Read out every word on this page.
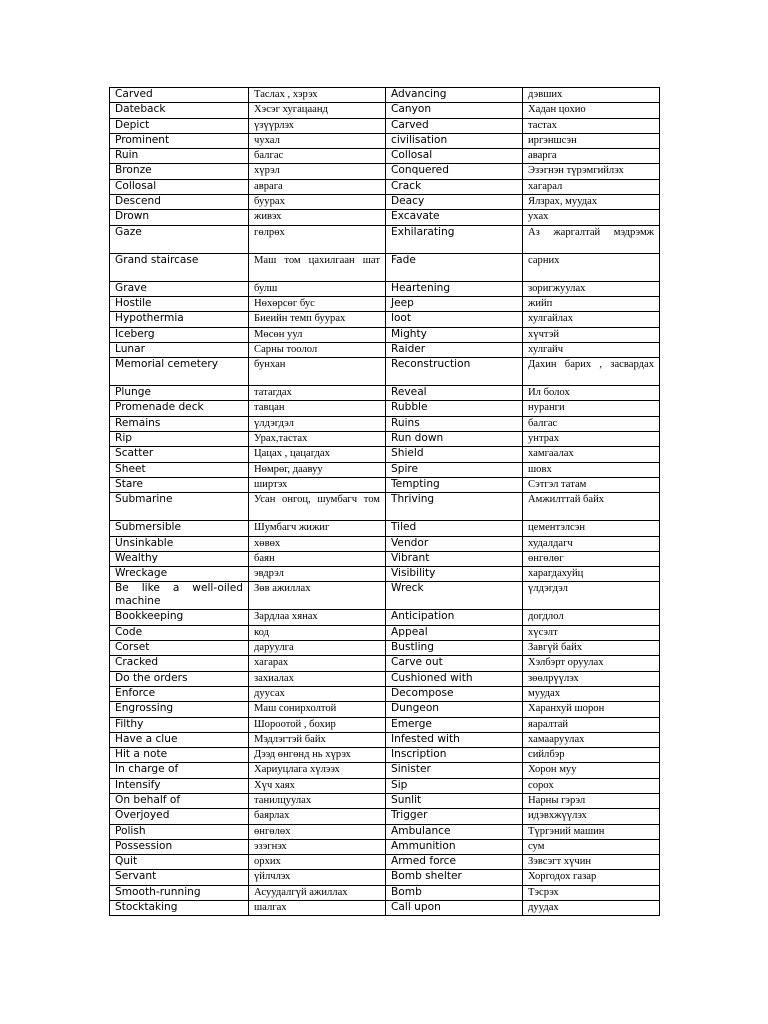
Carved	Таслах , хэрэх	Advancing	дэвших
Dateback	Хэсэг хугацаанд	Canyon	Хадан цохио
Depict	үзүүрлэх	Carved	тастах
Prominent	чухал	civilisation	иргэншсэн
Ruin	балгас	Collosal	аварга
Bronze	хүрэл	Conquered	Эзэгнэн түрэмгийлэх
Collosal	аврага	Crack	хагарал
Descend	буурах	Deacy	Ялзрах, муудах
Drown	живэх	Excavate	ухах
Gaze	гөлрөх	Exhilarating	Аз жаргалтай мэдрэмж
Grand staircase	Маш том цахилгаан шат	Fade	сарних
Grave	булш	Heartening	зоригжуулах
Hostile	Нөхөрсөг бус	Jeep	жийп
Hypothermia	Биеийн темп буурах	loot	хулгайлах
Iceberg	Мөсөн уул	Mighty	хүчтэй
Lunar	Сарны тоолол	Raider	хулгайч
Memorial cemetery	бунхан	Reconstruction	Дахин барих , засвардах
Plunge	татагдах	Reveal	Ил болох
Promenade deck	тавцан	Rubble	нуранги
Remains	үлдэгдэл	Ruins	балгас
Rip	Урах,тастах	Run down	унтрах
Scatter	Цацах , цацагдах	Shield	хамгаалах
Sheet	Нөмрөг, даавуу	Spire	шовх
Stare	ширтэх	Tempting	Сэтгэл татам
Submarine	Усан онгоц, шумбагч том	Thriving	Амжилттай байх
Submersible	Шумбагч жижиг	Tiled	цементэлсэн
Unsinkable	хөвөх	Vendor	худалдагч
Wealthy	баян	Vibrant	өнгөлөг
Wreckage	эвдрэл	Visibility	харагдахуйц
Be like a well-oiled machine	Зөв ажиллах	Wreck	үлдэгдэл
Bookkeeping	Зардлаа хянах	Anticipation	догдлол
Code	код	Appeal	хүсэлт
Corset	даруулга	Bustling	Завгүй байх
Cracked	хагарах	Carve out	Хэлбэрт оруулах
Do the orders	захиалах	Cushioned with	зөөлрүүлэх
Enforce	дуусах	Decompose	муудах
Engrossing	Маш сонирхолтой	Dungeon	Харанхуй шорон
Filthy	Шороотой , бохир	Emerge	яаралтай
Have a clue	Мэдлэгтэй байх	Infested with	хамааруулах
Hit a note	Дээд өнгөнд нь хүрэх	Inscription	сийлбэр
In charge of	Хариуцлага хүлээх	Sinister	Хорон муу
Intensify	Хүч хаях	Sip	сорох
On behalf of	танилцуулах	Sunlit	Нарны гэрэл
Overjoyed	баярлах	Trigger	идэвхжүүлэх
Polish	өнгөлөх	Ambulance	Түргэний машин
Possession	эзэгнэх	Ammunition	сум
Quit	орхих	Armed force	Зэвсэгт хүчин
Servant	үйлчлэх	Bomb shelter	Хоргодох газар
Smooth-running	Асуудалгүй ажиллах	Bomb	Тэсрэх
Stocktaking	шалгах	Call upon	дуудах
